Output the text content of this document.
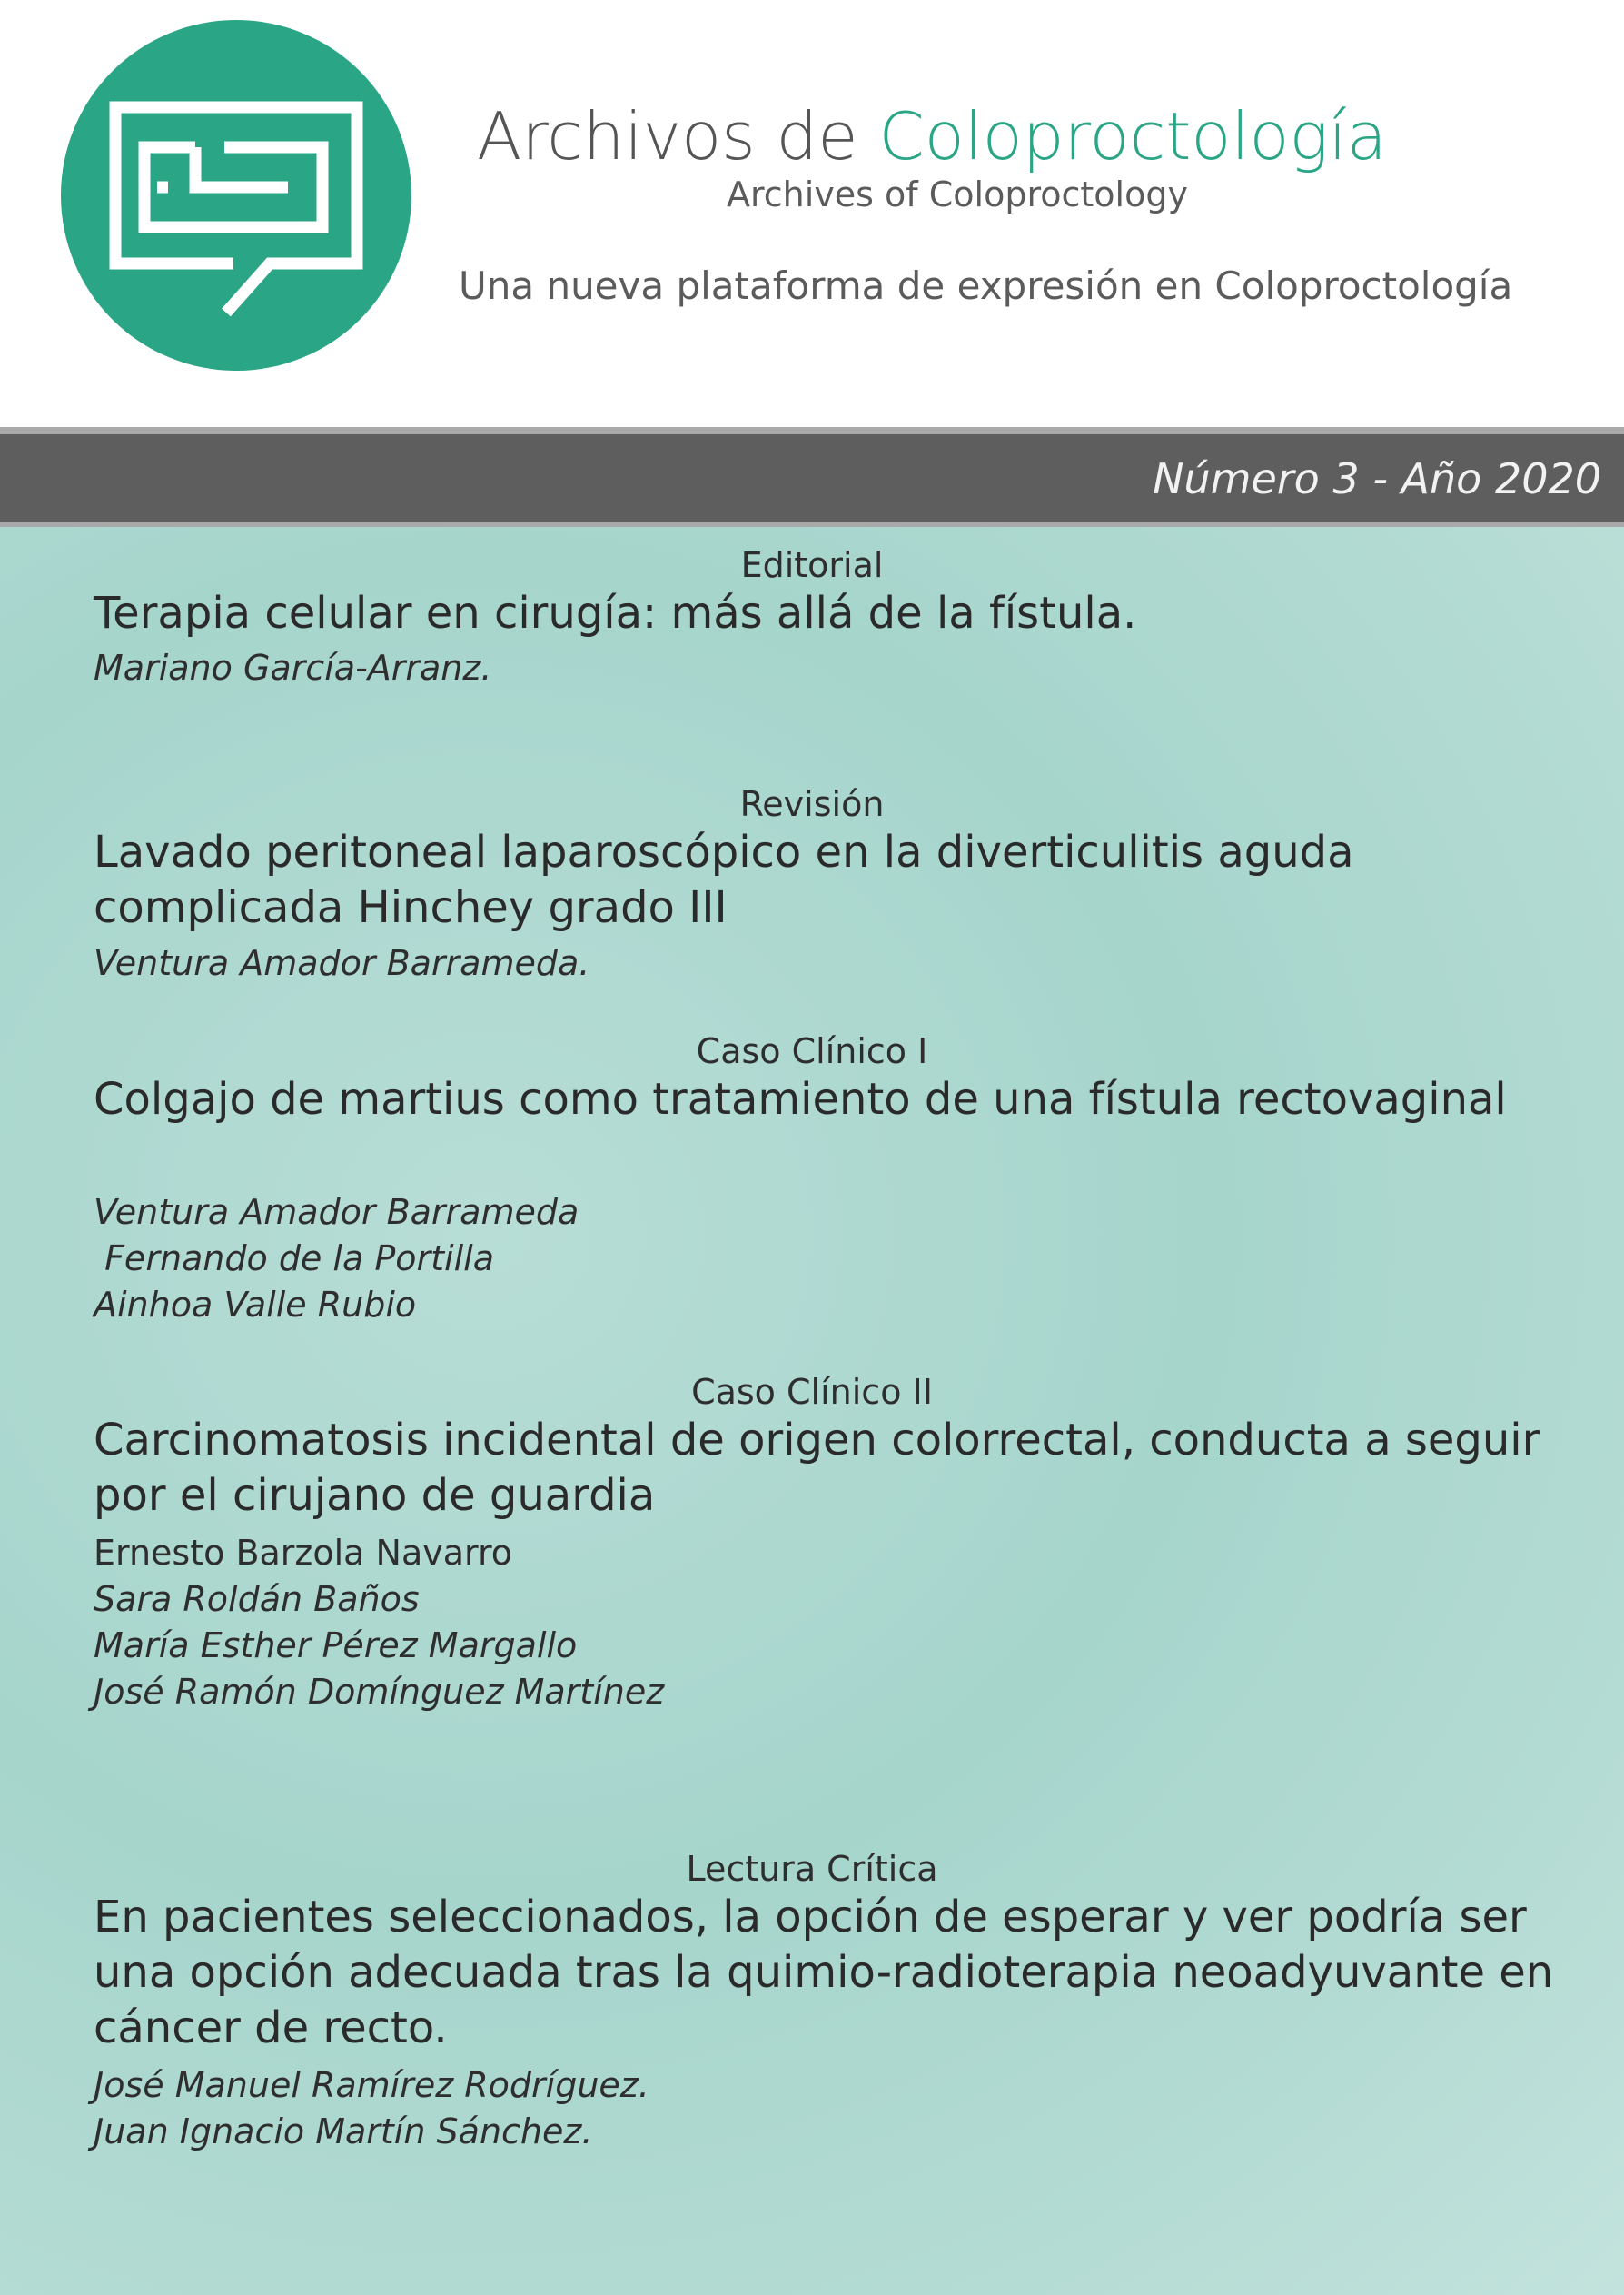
Archivos de Coloproctología
Archives of Coloproctology
Una nueva plataforma de expresión en Coloproctología
Número 3 - Año 2020
Editorial
Terapia celular en cirugía: más allá de la fístula.
Mariano García-Arranz.
Revisión
Lavado peritoneal laparoscópico en la diverticulitis aguda complicada Hinchey grado III
Ventura Amador Barrameda.
Caso Clínico I
Colgajo de martius como tratamiento de una fístula rectovaginal
Ventura Amador Barrameda
Fernando de la Portilla
Ainhoa Valle Rubio
Caso Clínico II
Carcinomatosis incidental de origen colorrectal, conducta a seguir por el cirujano de guardia
Ernesto Barzola Navarro
Sara Roldán Baños
María Esther Pérez Margallo
José Ramón Domínguez Martínez
Lectura Crítica
En pacientes seleccionados, la opción de esperar y ver podría ser una opción adecuada tras la quimio-radioterapia neoadyuvante en cáncer de recto.
José Manuel Ramírez Rodríguez.
Juan Ignacio Martín Sánchez.
